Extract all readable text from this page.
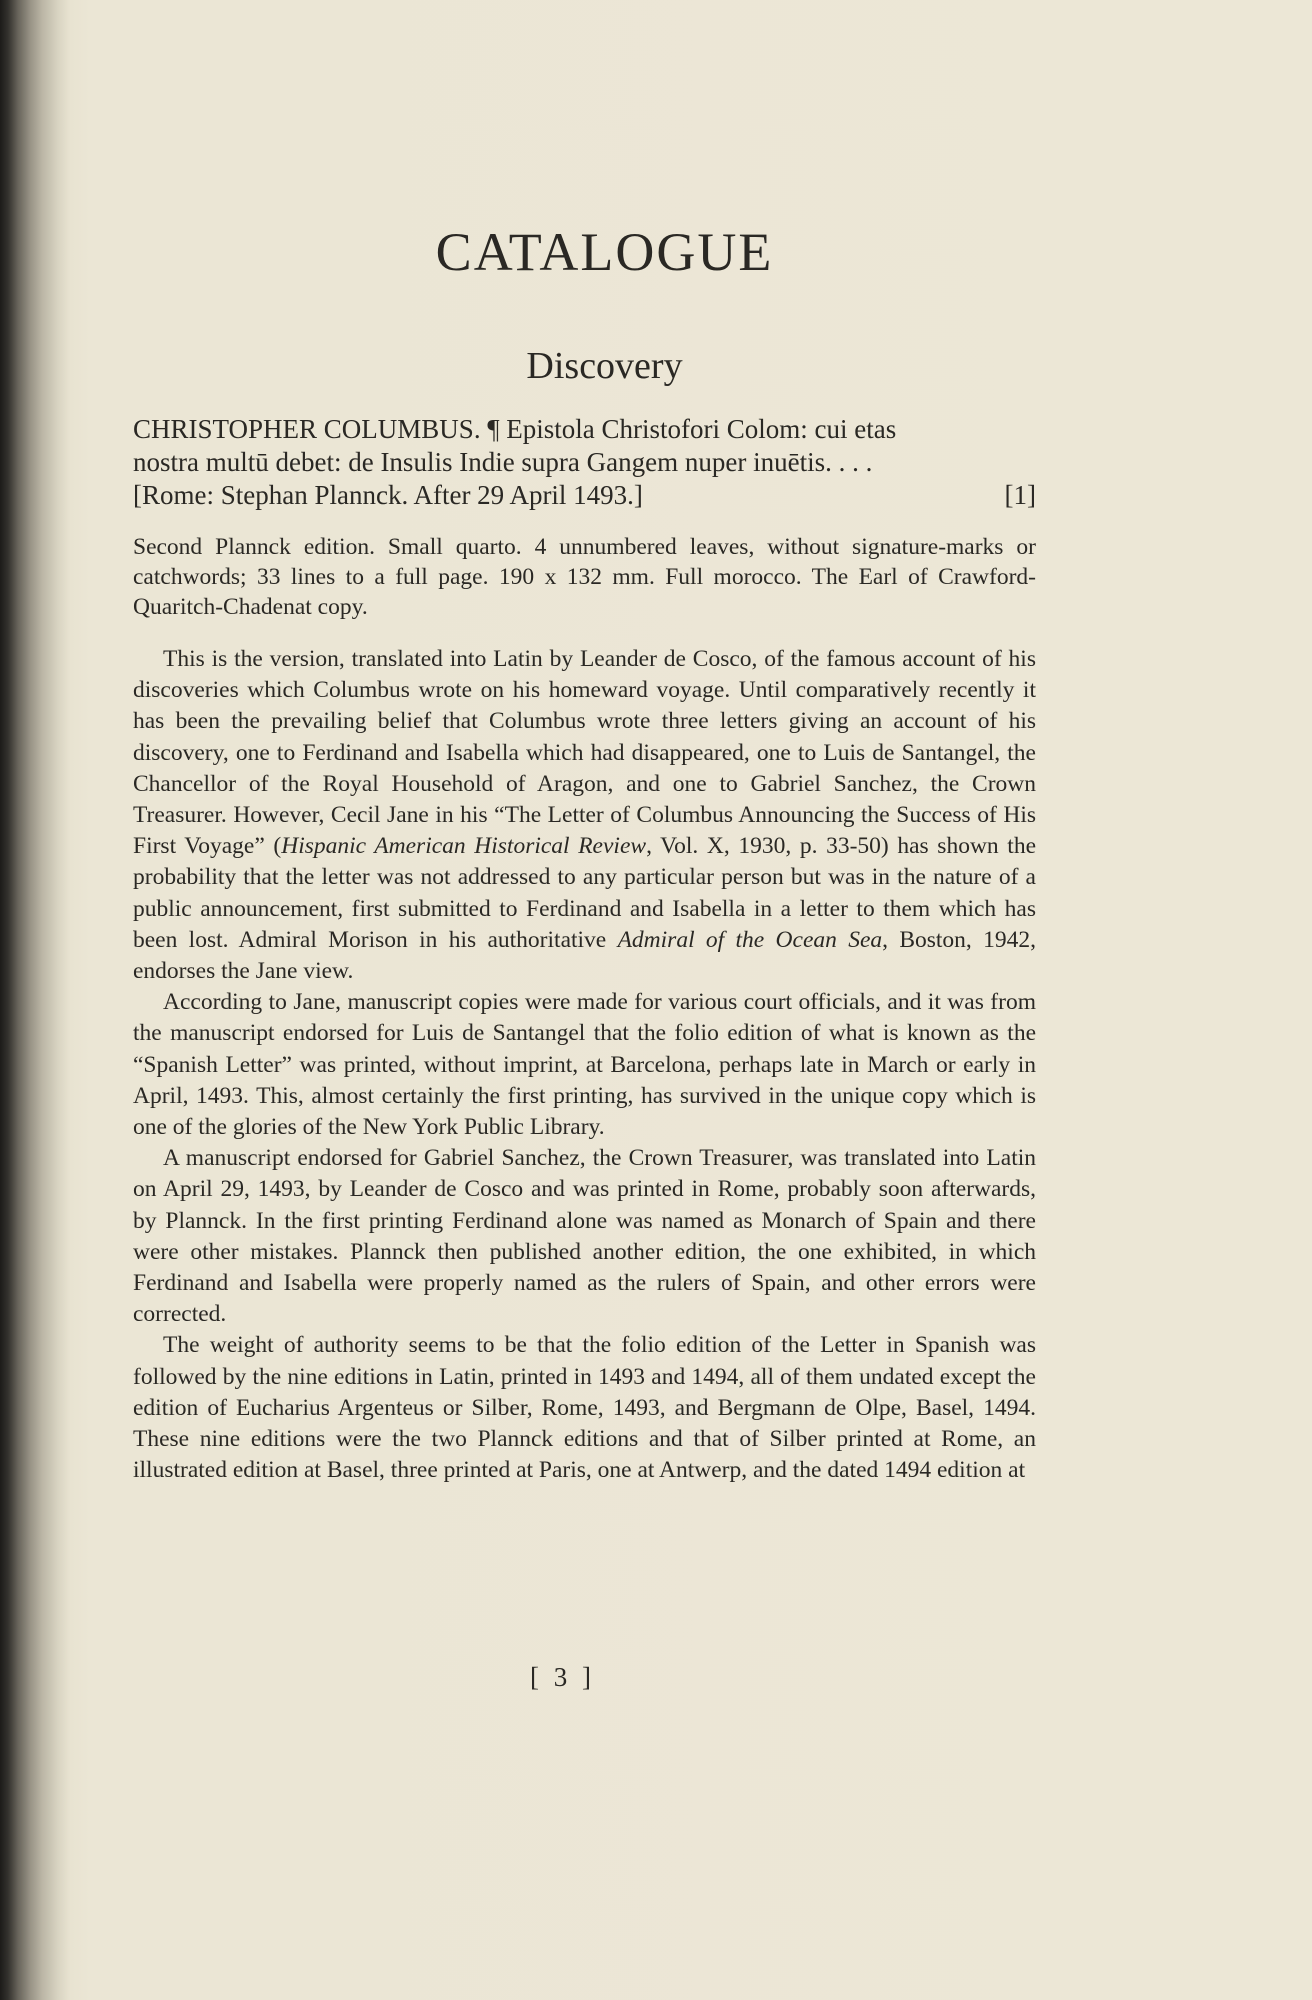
CATALOGUE
Discovery
CHRISTOPHER COLUMBUS. ¶ Epistola Christofori Colom: cui etas
nostra multū debet: de Insulis Indie supra Gangem nuper inuētis. . . .
[Rome: Stephan Plannck. After 29 April 1493.]	[1]

Second Plannck edition. Small quarto. 4 unnumbered leaves, without signature-marks or catchwords; 33 lines to a full page. 190 x 132 mm. Full morocco. The Earl of Crawford-Quaritch-Chadenat copy.

This is the version, translated into Latin by Leander de Cosco, of the famous account of his discoveries which Columbus wrote on his homeward voyage. Until comparatively recently it has been the prevailing belief that Columbus wrote three letters giving an account of his discovery, one to Ferdinand and Isabella which had disappeared, one to Luis de Santangel, the Chancellor of the Royal Household of Aragon, and one to Gabriel Sanchez, the Crown Treasurer. However, Cecil Jane in his “The Letter of Columbus Announcing the Success of His First Voyage” (Hispanic American Historical Review, Vol. X, 1930, p. 33-50) has shown the probability that the letter was not addressed to any particular person but was in the nature of a public announcement, first submitted to Ferdinand and Isabella in a letter to them which has been lost. Admiral Morison in his authoritative Admiral of the Ocean Sea, Boston, 1942, endorses the Jane view.

According to Jane, manuscript copies were made for various court officials, and it was from the manuscript endorsed for Luis de Santangel that the folio edition of what is known as the “Spanish Letter” was printed, without imprint, at Barcelona, perhaps late in March or early in April, 1493. This, almost certainly the first printing, has survived in the unique copy which is one of the glories of the New York Public Library.

A manuscript endorsed for Gabriel Sanchez, the Crown Treasurer, was translated into Latin on April 29, 1493, by Leander de Cosco and was printed in Rome, probably soon afterwards, by Plannck. In the first printing Ferdinand alone was named as Monarch of Spain and there were other mistakes. Plannck then published another edition, the one exhibited, in which Ferdinand and Isabella were properly named as the rulers of Spain, and other errors were corrected.

The weight of authority seems to be that the folio edition of the Letter in Spanish was followed by the nine editions in Latin, printed in 1493 and 1494, all of them undated except the edition of Eucharius Argenteus or Silber, Rome, 1493, and Bergmann de Olpe, Basel, 1494. These nine editions were the two Plannck editions and that of Silber printed at Rome, an illustrated edition at Basel, three printed at Paris, one at Antwerp, and the dated 1494 edition at

[ 3 ]
